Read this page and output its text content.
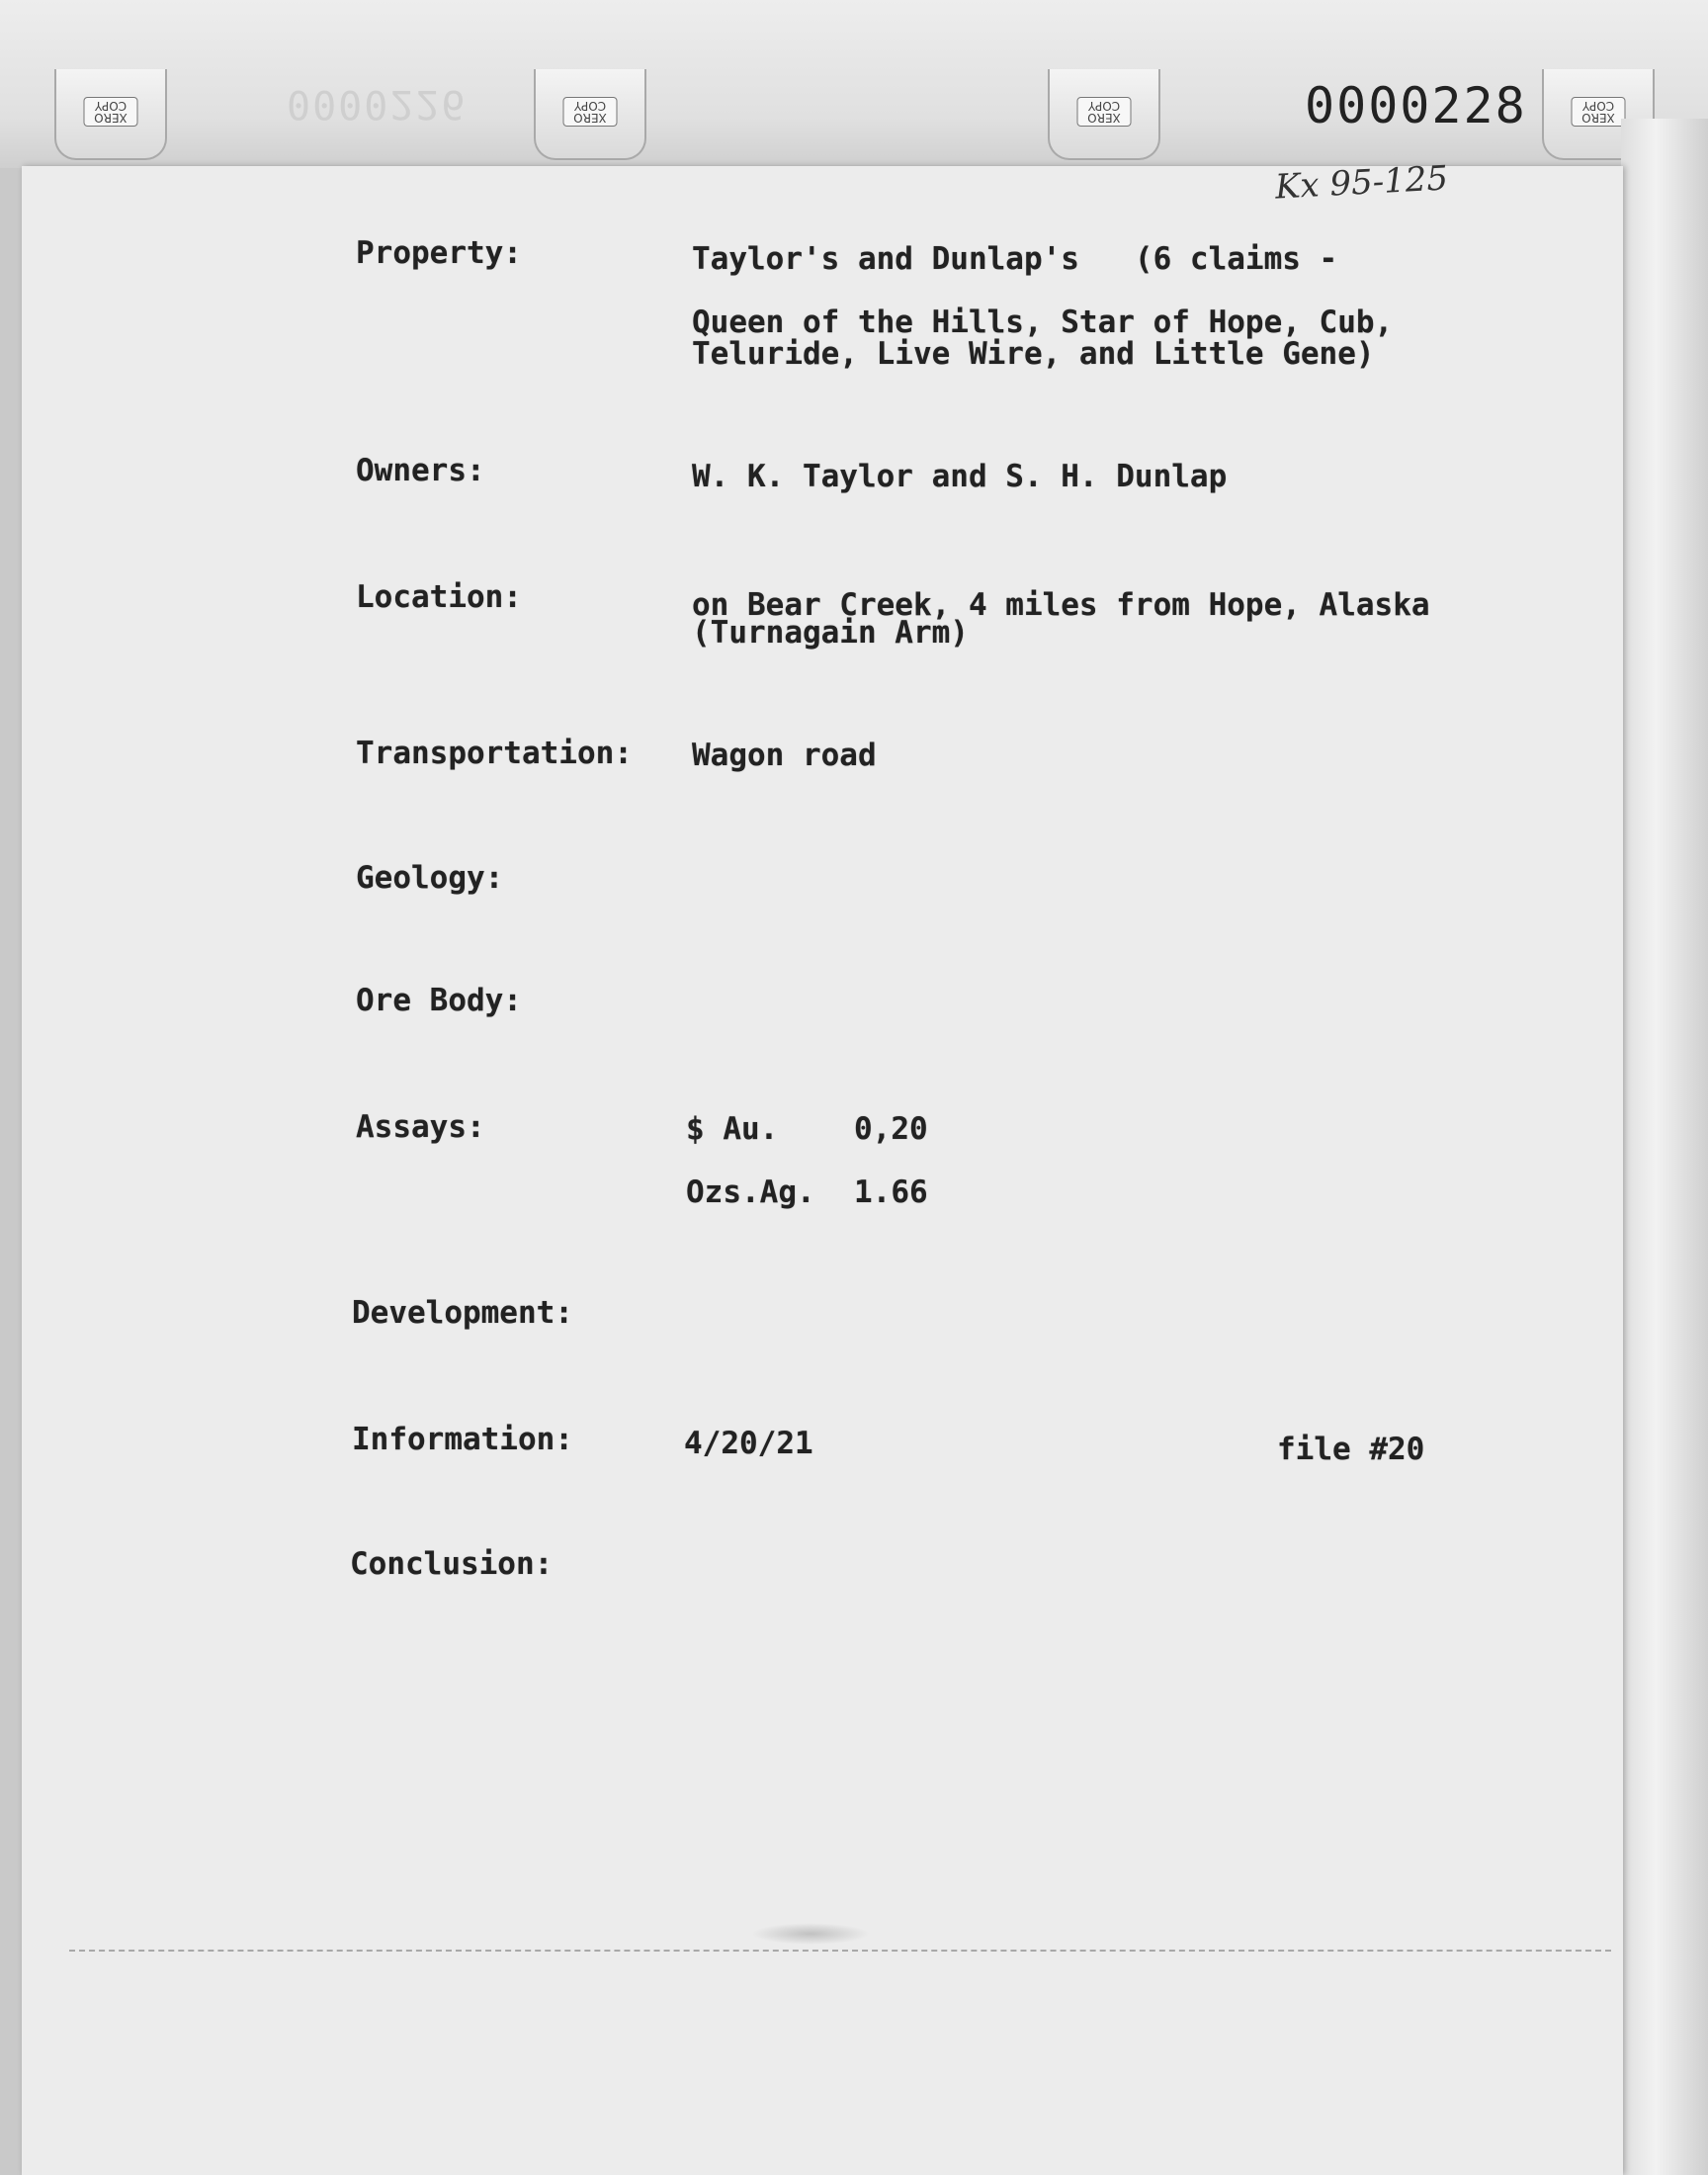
0000226
XERO COPY
XERO COPY
XERO COPY
XERO COPY
0000228
Kx 95-125
Property:	Taylor's and Dunlap's   (6 claims -
Queen of the Hills, Star of Hope, Cub,
Teluride, Live Wire, and Little Gene)
Owners:	W. K. Taylor and S. H. Dunlap
Location:	on Bear Creek, 4 miles from Hope, Alaska
(Turnagain Arm)
Transportation: Wagon road
Geology:
Ore Body:
Assays:	$ Au. 0,20
Ozs.Ag. 1.66
Development:
Information:	4/20/21	file #20
Conclusion:
